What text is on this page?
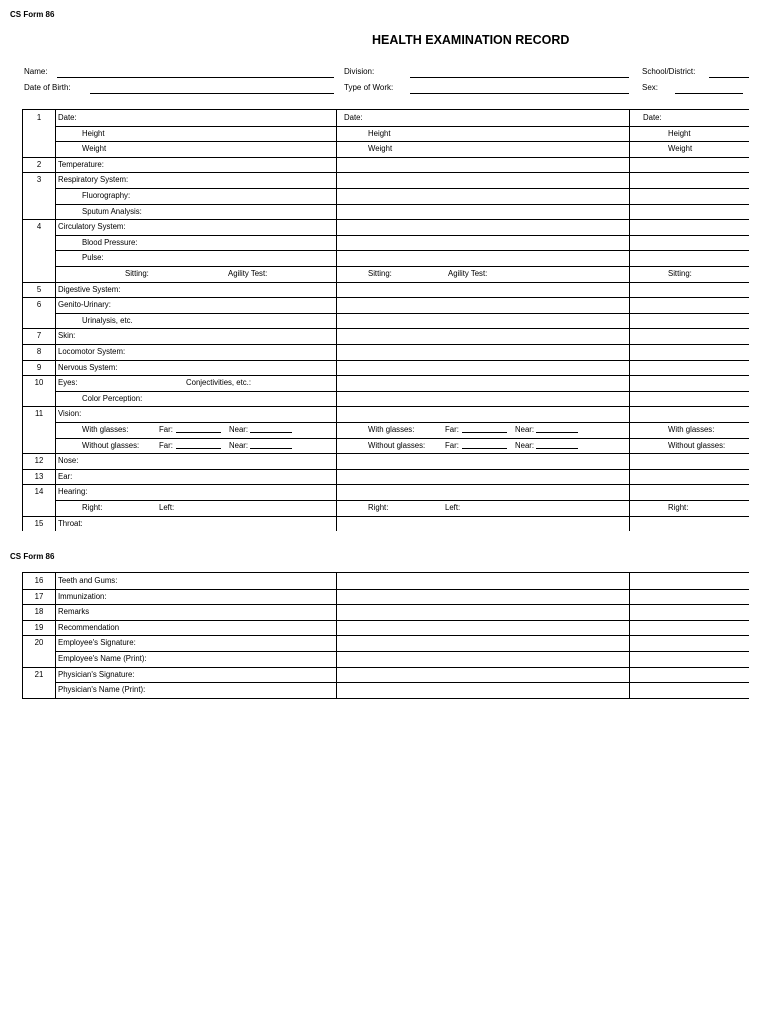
CS Form 86
HEALTH EXAMINATION RECORD
Name:
Date of Birth:
Division:
Type of Work:
School/District:
Sex:
1	Date:	Date:	Date:
Height	Height	Height
Weight	Weight	Weight
2	Temperature:
3	Respiratory System:
Fluorography:
Sputum Analysis:
4	Circulatory System:
Blood Pressure:
Pulse:
Sitting:	Agility Test:	Sitting:	Agility Test:	Sitting:
5	Digestive System:
6	Genito-Urinary:
Urinalysis, etc.
7	Skin:
8	Locomotor System:
9	Nervous System:
10	Eyes:	Conjectivities, etc.:
Color Perception:
11	Vision:
With glasses:	Far:	Near:	With glasses:	Far:	Near:	With glasses:
Without glasses:	Far:	Near:	Without glasses:	Far:	Near:	Without glasses:
12	Nose:
13	Ear:
14	Hearing:
Right:	Left:	Right:	Left:	Right:
15	Throat:
CS Form 86
16	Teeth and Gums:
17	Immunization:
18	Remarks
19	Recommendation
20	Employee's Signature:
Employee's Name (Print):
21	Physician's Signature:
Physician's Name (Print):
